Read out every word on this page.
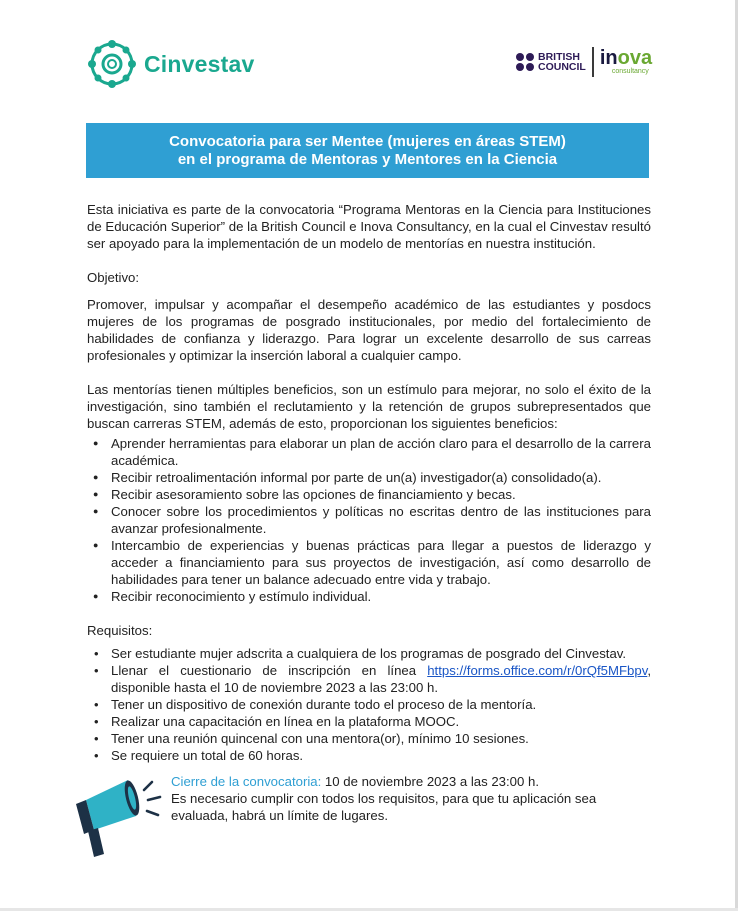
Cinvestav	BRITISH
COUNCIL inova
consultancy
Convocatoria para ser Mentee (mujeres en áreas STEM)
en el programa de Mentoras y Mentores en la Ciencia

Esta iniciativa es parte de la convocatoria “Programa Mentoras en la Ciencia para Instituciones de Educación Superior” de la British Council e Inova Consultancy, en la cual el Cinvestav resultó ser apoyado para la implementación de un modelo de mentorías en nuestra institución.

Objetivo:

Promover, impulsar y acompañar el desempeño académico de las estudiantes y posdocs mujeres de los programas de posgrado institucionales, por medio del fortalecimiento de habilidades de confianza y liderazgo. Para lograr un excelente desarrollo de sus carreas profesionales y optimizar la inserción laboral a cualquier campo.

Las mentorías tienen múltiples beneficios, son un estímulo para mejorar, no solo el éxito de la investigación, sino también el reclutamiento y la retención de grupos subrepresentados que buscan carreras STEM, además de esto, proporcionan los siguientes beneficios:

● Aprender herramientas para elaborar un plan de acción claro para el desarrollo de la carrera académica.
● Recibir retroalimentación informal por parte de un(a) investigador(a) consolidado(a).
● Recibir asesoramiento sobre las opciones de financiamiento y becas.
● Conocer sobre los procedimientos y políticas no escritas dentro de las instituciones para avanzar profesionalmente.
● Intercambio de experiencias y buenas prácticas para llegar a puestos de liderazgo y acceder a financiamiento para sus proyectos de investigación, así como desarrollo de habilidades para tener un balance adecuado entre vida y trabajo.
● Recibir reconocimiento y estímulo individual.

Requisitos:

• Ser estudiante mujer adscrita a cualquiera de los programas de posgrado del Cinvestav.
• Llenar el cuestionario de inscripción en línea https://forms.office.com/r/0rQf5MFbpv, disponible hasta el 10 de noviembre 2023 a las 23:00 h.
• Tener un dispositivo de conexión durante todo el proceso de la mentoría.
• Realizar una capacitación en línea en la plataforma MOOC.
• Tener una reunión quincenal con una mentora(or), mínimo 10 sesiones.
• Se requiere un total de 60 horas.
Cierre de la convocatoria: 10 de noviembre 2023 a las 23:00 h.
Es necesario cumplir con todos los requisitos, para que tu aplicación sea evaluada, habrá un límite de lugares.
